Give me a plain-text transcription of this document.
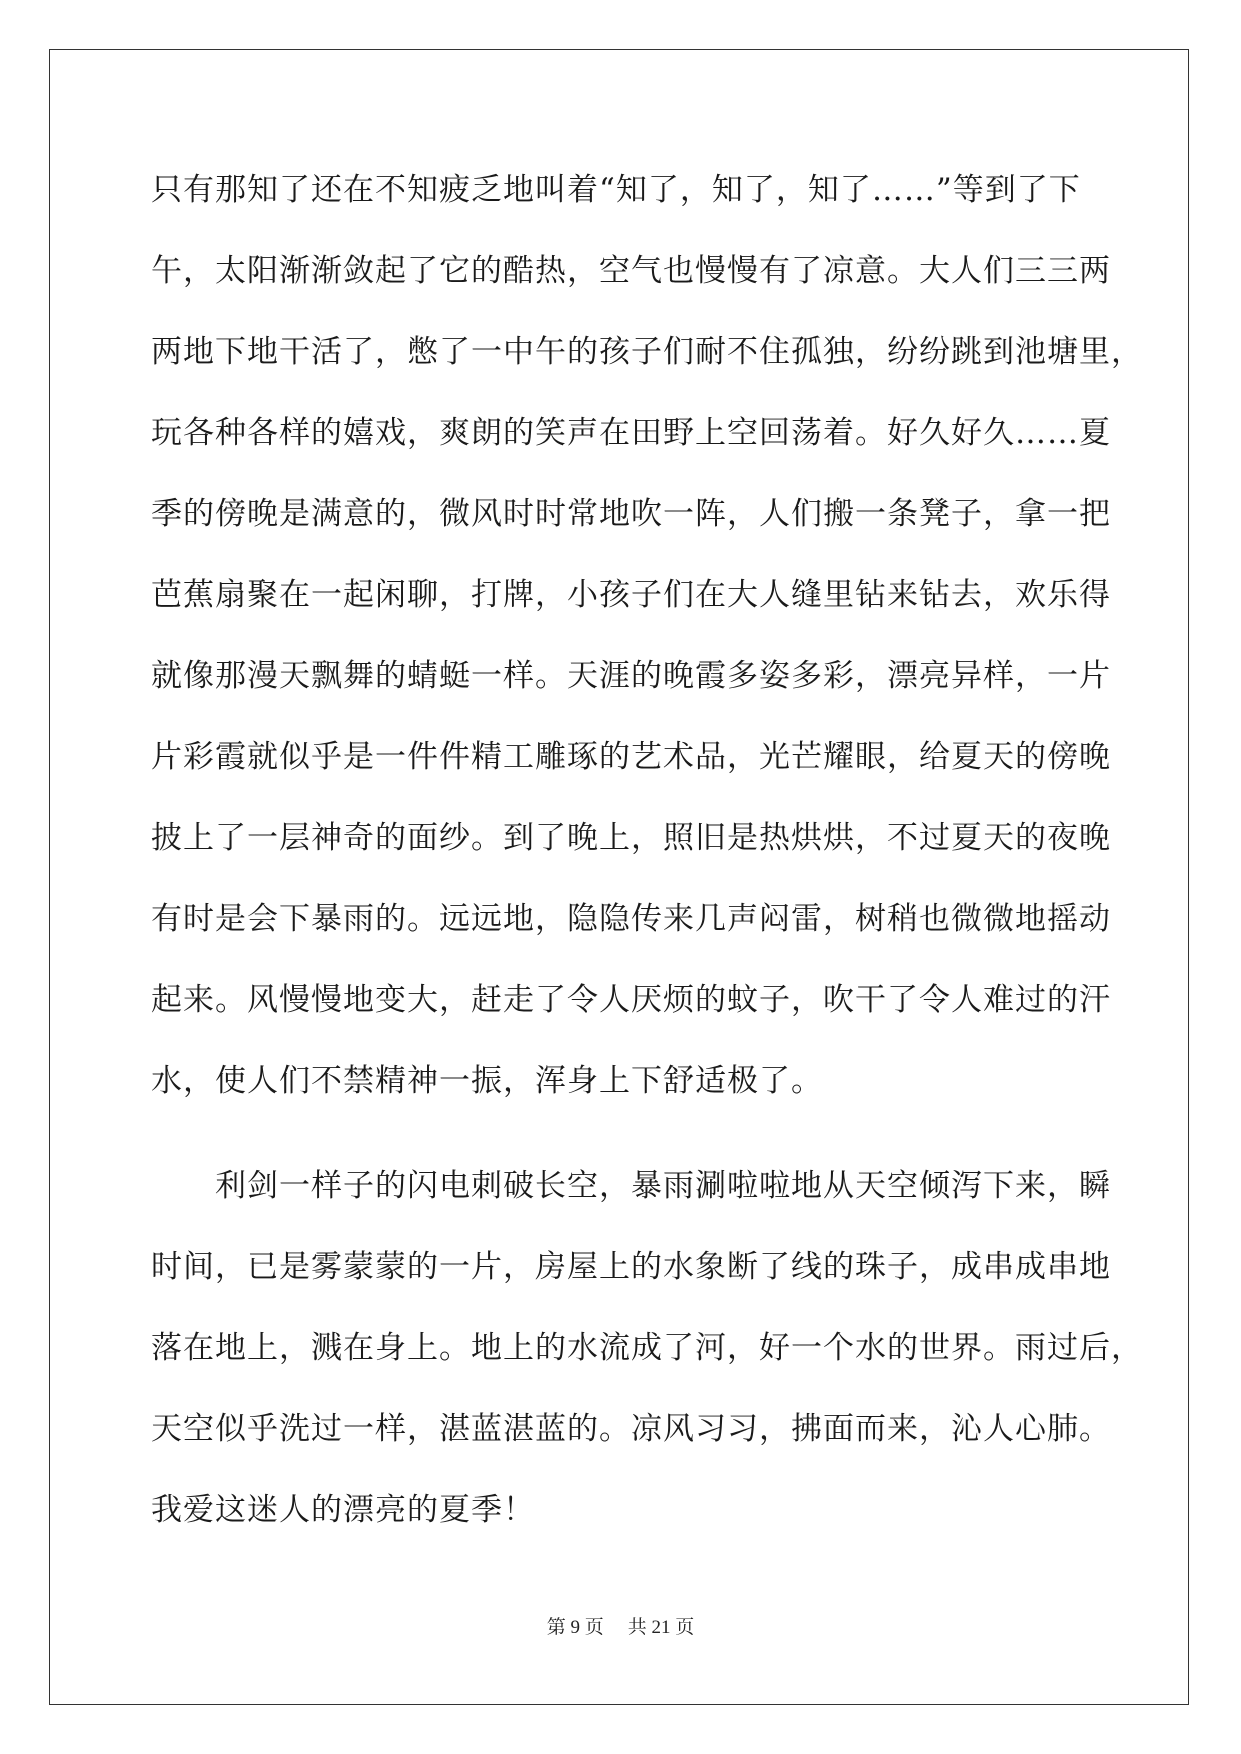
只有那知了还在不知疲乏地叫着“知了，知了，知了……”等到了下
午，太阳渐渐敛起了它的酷热，空气也慢慢有了凉意。大人们三三两
两地下地干活了，憋了一中午的孩子们耐不住孤独，纷纷跳到池塘里，
玩各种各样的嬉戏，爽朗的笑声在田野上空回荡着。好久好久……夏
季的傍晚是满意的，微风时时常地吹一阵，人们搬一条凳子，拿一把
芭蕉扇聚在一起闲聊，打牌，小孩子们在大人缝里钻来钻去，欢乐得
就像那漫天飘舞的蜻蜓一样。天涯的晚霞多姿多彩，漂亮异样，一片
片彩霞就似乎是一件件精工雕琢的艺术品，光芒耀眼，给夏天的傍晚
披上了一层神奇的面纱。到了晚上，照旧是热烘烘，不过夏天的夜晚
有时是会下暴雨的。远远地，隐隐传来几声闷雷，树稍也微微地摇动
起来。风慢慢地变大，赶走了令人厌烦的蚊子，吹干了令人难过的汗
水，使人们不禁精神一振，浑身上下舒适极了。
　　利剑一样子的闪电刺破长空，暴雨涮啦啦地从天空倾泻下来，瞬
时间，已是雾蒙蒙的一片，房屋上的水象断了线的珠子，成串成串地
落在地上，溅在身上。地上的水流成了河，好一个水的世界。雨过后，
天空似乎洗过一样，湛蓝湛蓝的。凉风习习，拂面而来，沁人心肺。
我爱这迷人的漂亮的夏季！
第 9 页 共 21 页
